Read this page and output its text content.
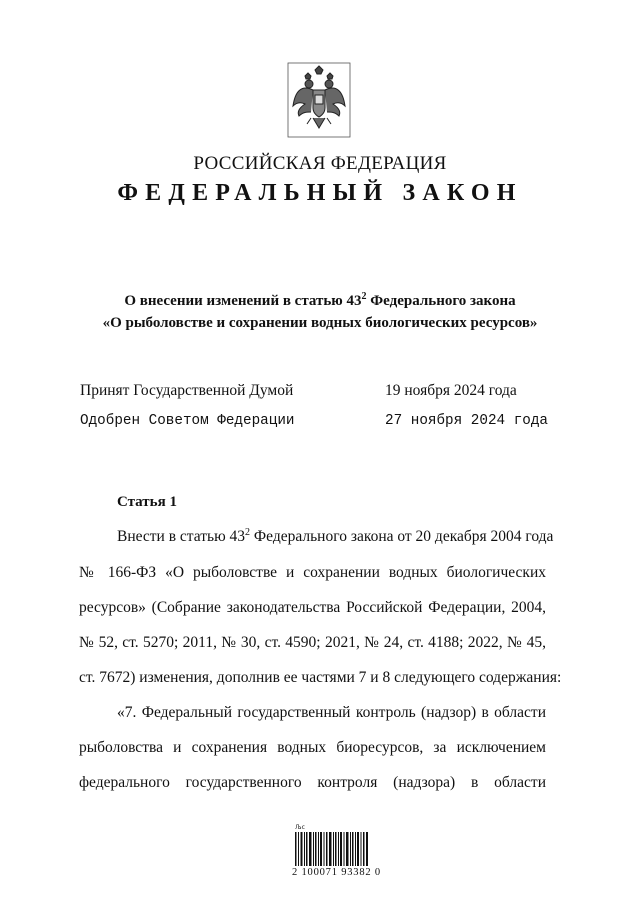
РОССИЙСКАЯ ФЕДЕРАЦИЯ
ФЕДЕРАЛЬНЫЙ ЗАКОН
О внесении изменений в статью $43^2$ Федерального закона
«О рыболовстве и сохранении водных биологических ресурсов»
Принят Государственной Думой	19 ноября 2024 года
Одобрен Советом Федерации	27 ноября 2024 года
Статья 1
Внести в статью $43^2$ Федерального закона от 20 декабря 2004 года
№ 166-ФЗ «О рыболовстве и сохранении водных биологических
ресурсов» (Собрание законодательства Российской Федерации, 2004,
№ 52, ст. 5270; 2011, № 30, ст. 4590; 2021, № 24, ст. 4188; 2022, № 45,
ст. 7672) изменения, дополнив ее частями 7 и 8 следующего содержания:
«7. Федеральный государственный контроль (надзор) в области
рыболовства и сохранения водных биоресурсов, за исключением
федерального государственного контроля (надзора) в области
Љс
2 100071 93382 0
